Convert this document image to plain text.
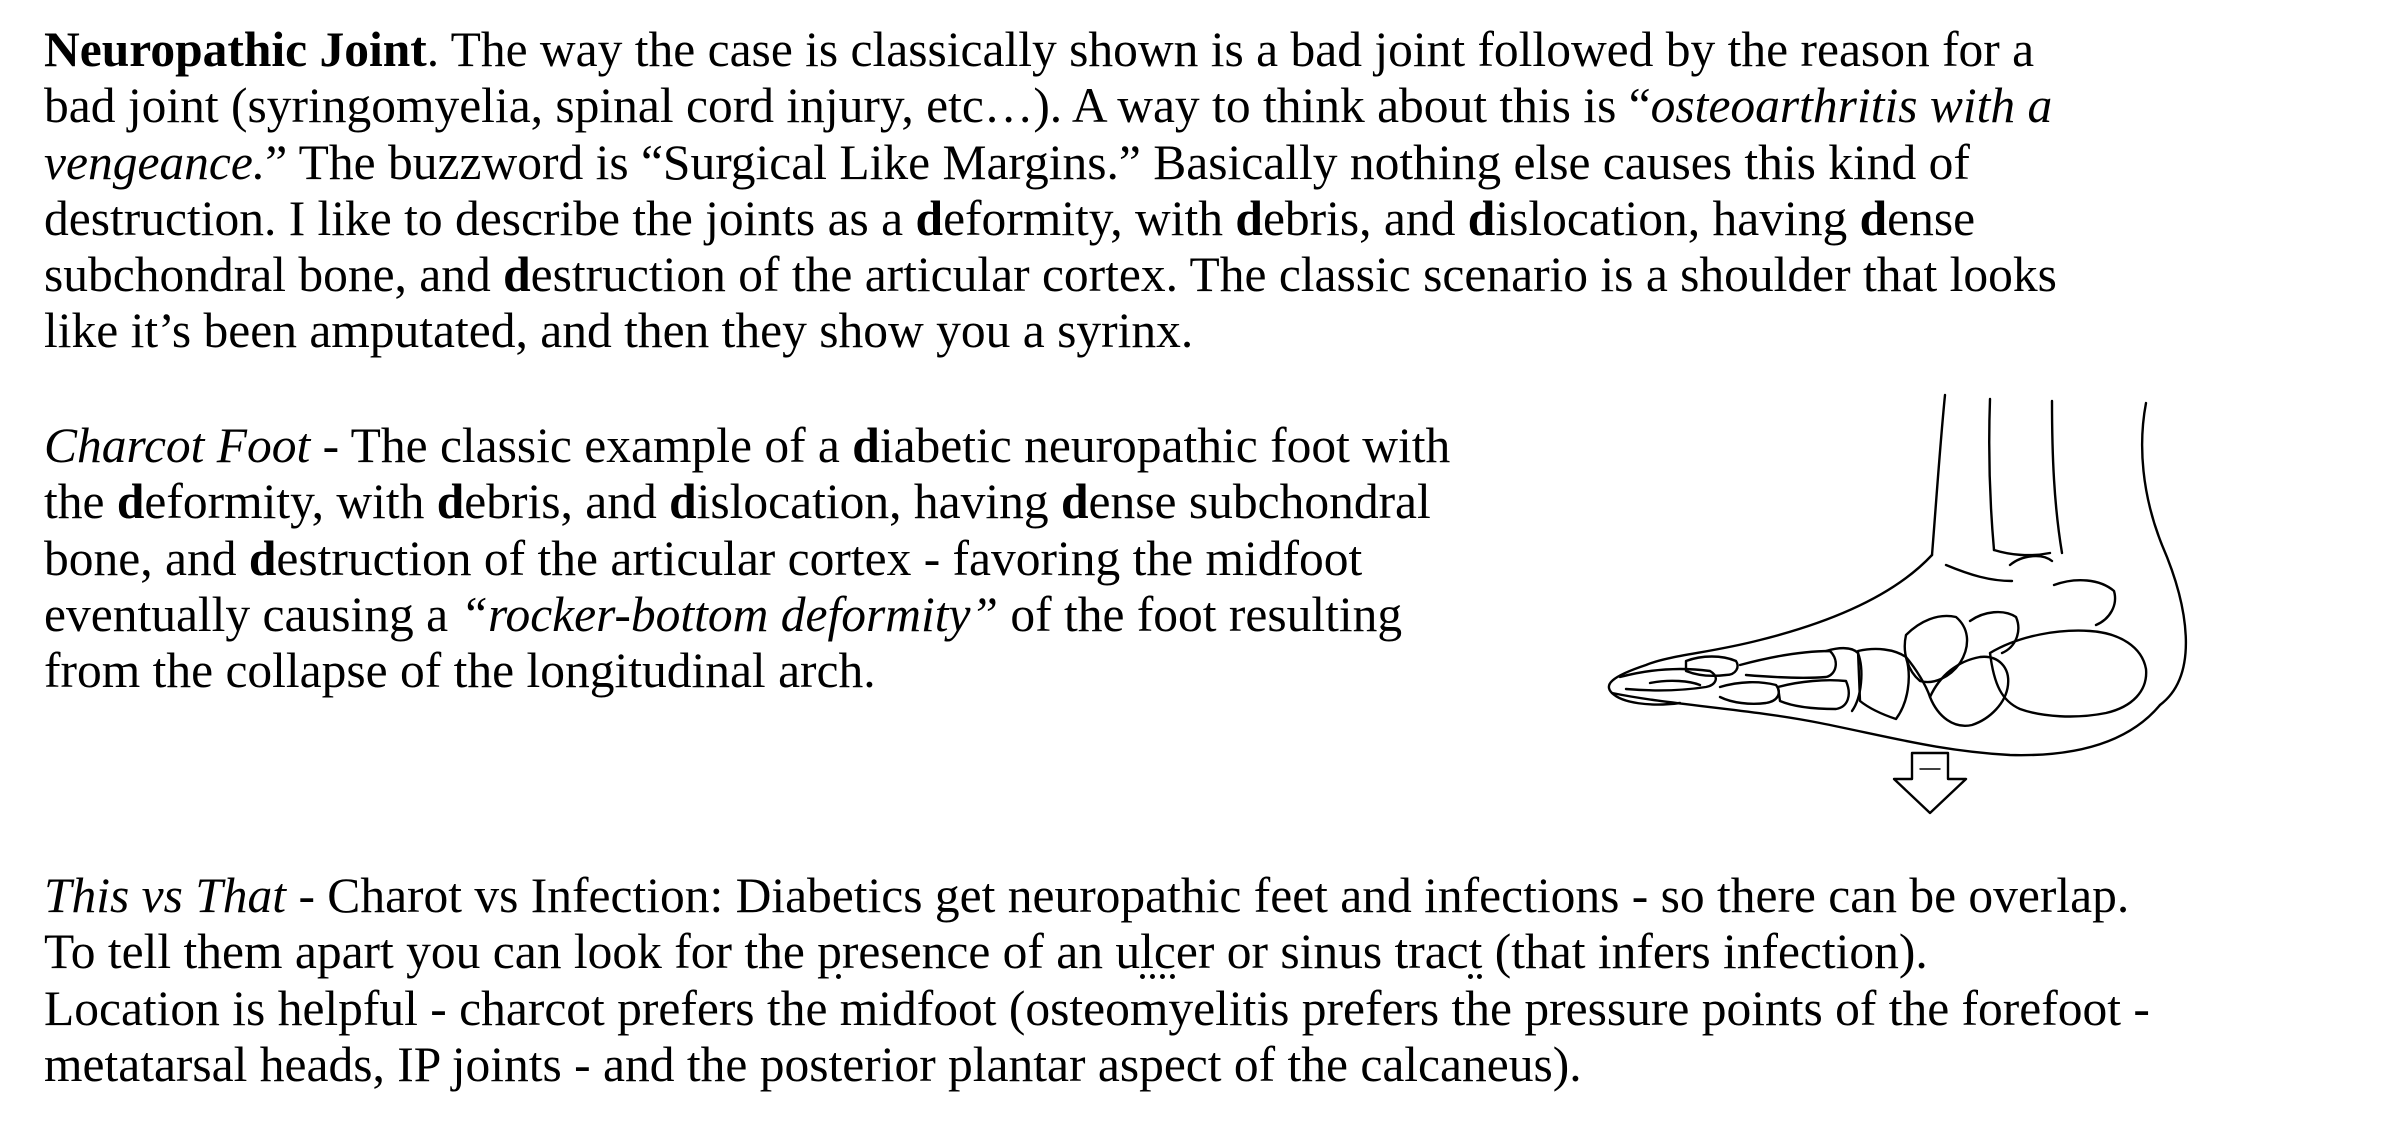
Neuropathic Joint. The way the case is classically shown is a bad joint followed by the reason for a
bad joint (syringomyelia, spinal cord injury, etc…). A way to think about this is “osteoarthritis with a
vengeance.” The buzzword is “Surgical Like Margins.” Basically nothing else causes this kind of
destruction. I like to describe the joints as a deformity, with debris, and dislocation, having dense
subchondral bone, and destruction of the articular cortex. The classic scenario is a shoulder that looks
like it’s been amputated, and then they show you a syrinx.

Charcot Foot - The classic example of a diabetic neuropathic foot with
the deformity, with debris, and dislocation, having dense subchondral
bone, and destruction of the articular cortex - favoring the midfoot
eventually causing a “rocker-bottom deformity” of the foot resulting
from the collapse of the longitudinal arch.

This vs That - Charot vs Infection: Diabetics get neuropathic feet and infections - so there can be overlap.
To tell them apart you can look for the presence of an ulcer or sinus tract (that infers infection).
Location is helpful - charcot prefers the midfoot (osteomyelitis prefers the pressure points of the forefoot -
metatarsal heads, IP joints - and the posterior plantar aspect of the calcaneus).
